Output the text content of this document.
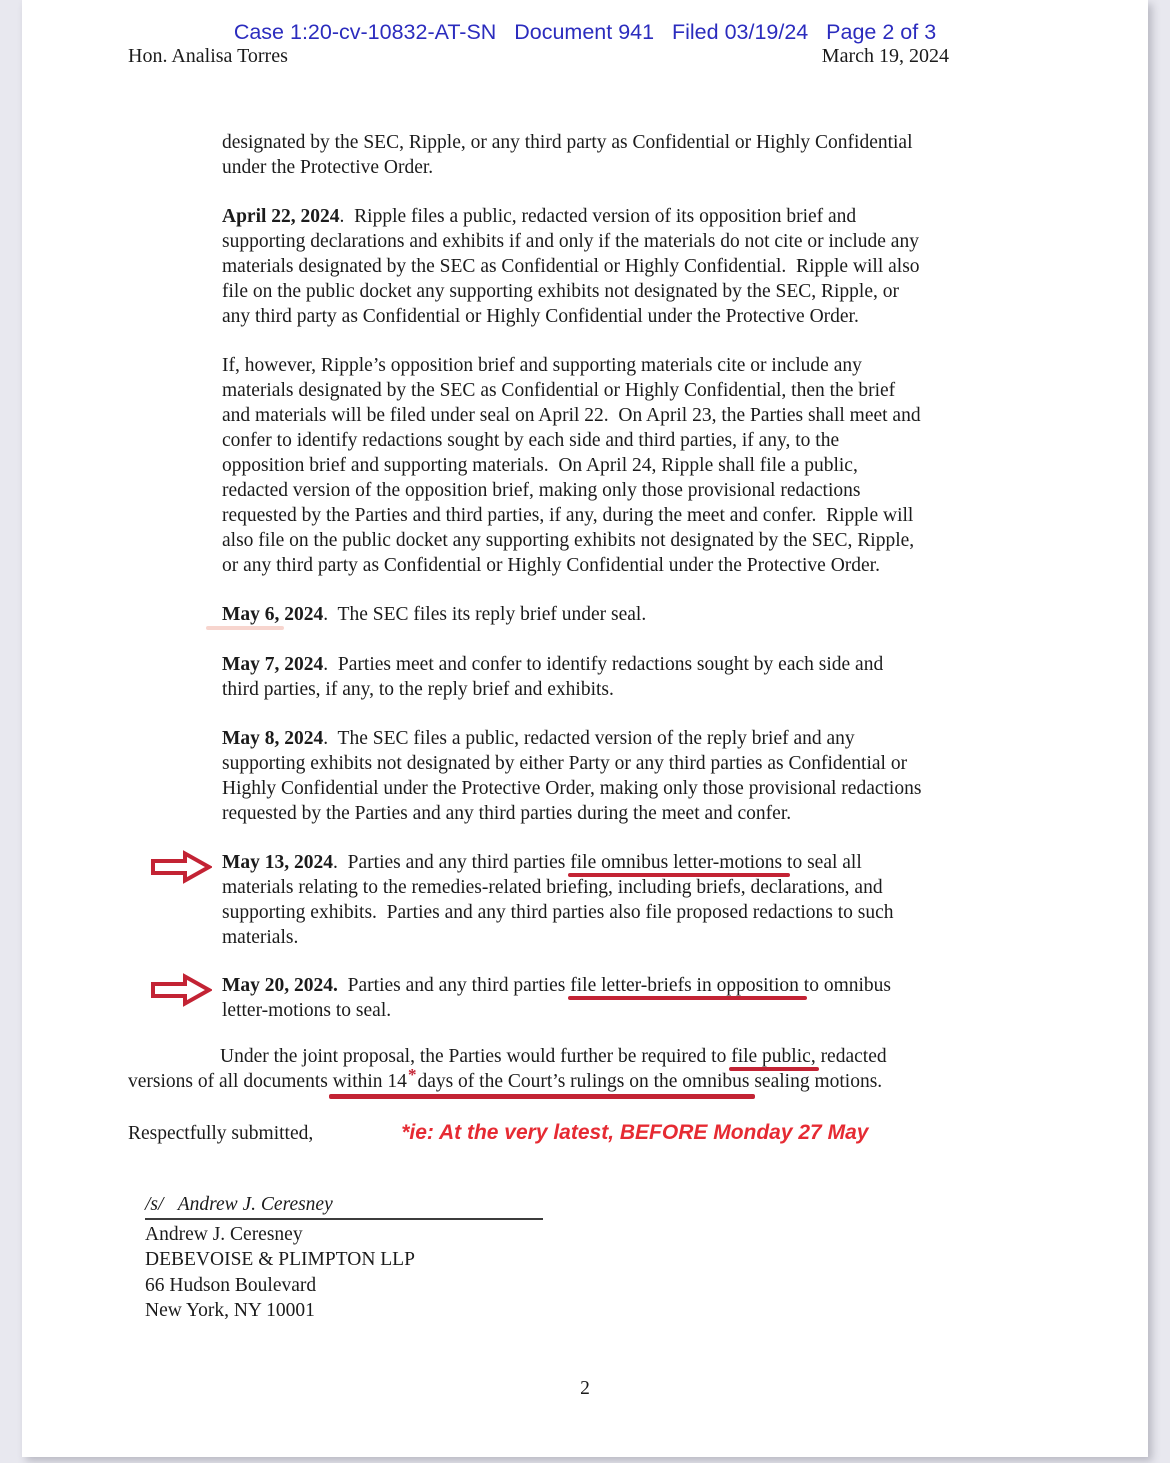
Case 1:20-cv-10832-AT-SN   Document 941   Filed 03/19/24   Page 2 of 3
Hon. Analisa Torres	March 19, 2024

designated by the SEC, Ripple, or any third party as Confidential or Highly Confidential
under the Protective Order.

April 22, 2024.  Ripple files a public, redacted version of its opposition brief and
supporting declarations and exhibits if and only if the materials do not cite or include any
materials designated by the SEC as Confidential or Highly Confidential.  Ripple will also
file on the public docket any supporting exhibits not designated by the SEC, Ripple, or
any third party as Confidential or Highly Confidential under the Protective Order.

If, however, Ripple’s opposition brief and supporting materials cite or include any
materials designated by the SEC as Confidential or Highly Confidential, then the brief
and materials will be filed under seal on April 22.  On April 23, the Parties shall meet and
confer to identify redactions sought by each side and third parties, if any, to the
opposition brief and supporting materials.  On April 24, Ripple shall file a public,
redacted version of the opposition brief, making only those provisional redactions
requested by the Parties and third parties, if any, during the meet and confer.  Ripple will
also file on the public docket any supporting exhibits not designated by the SEC, Ripple,
or any third party as Confidential or Highly Confidential under the Protective Order.

May 6, 2024.  The SEC files its reply brief under seal.

May 7, 2024.  Parties meet and confer to identify redactions sought by each side and
third parties, if any, to the reply brief and exhibits.

May 8, 2024.  The SEC files a public, redacted version of the reply brief and any
supporting exhibits not designated by either Party or any third parties as Confidential or
Highly Confidential under the Protective Order, making only those provisional redactions
requested by the Parties and any third parties during the meet and confer.

May 13, 2024.  Parties and any third parties file omnibus letter-motions to seal all
materials relating to the remedies-related briefing, including briefs, declarations, and
supporting exhibits.  Parties and any third parties also file proposed redactions to such
materials.

May 20, 2024.  Parties and any third parties file letter-briefs in opposition to omnibus
letter-motions to seal.

Under the joint proposal, the Parties would further be required to file public, redacted
versions of all documents within 14*days of the Court’s rulings on the omnibus sealing motions.

Respectfully submitted,	*ie: At the very latest, BEFORE Monday 27 May
/s/   Andrew J. Ceresney
Andrew J. Ceresney
DEBEVOISE & PLIMPTON LLP
66 Hudson Boulevard
New York, NY 10001
2
